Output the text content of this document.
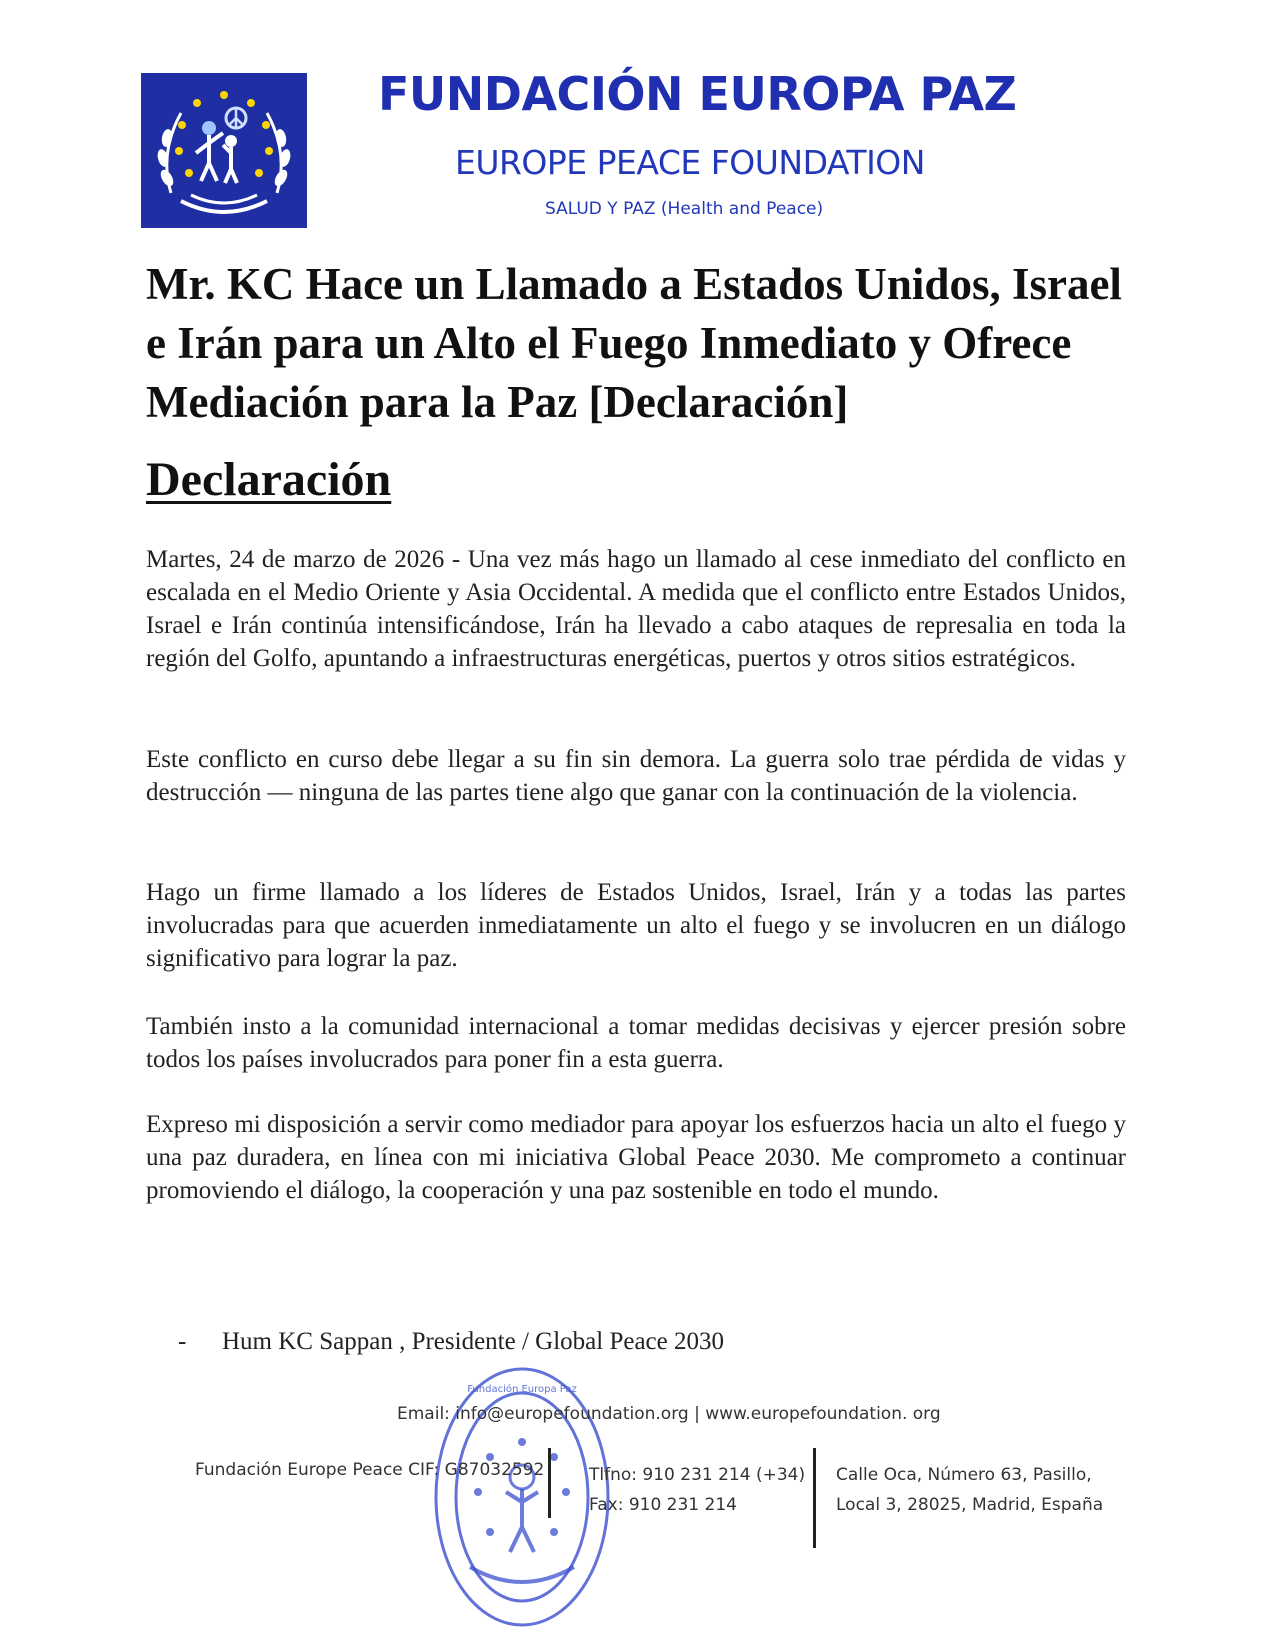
FUNDACIÓN EUROPA PAZ
EUROPE PEACE FOUNDATION
SALUD Y PAZ (Health and Peace)
Mr. KC Hace un Llamado a Estados Unidos, Israel e Irán para un Alto el Fuego Inmediato y Ofrece Mediación para la Paz [Declaración]
Declaración

Martes, 24 de marzo de 2026 - Una vez más hago un llamado al cese inmediato del conflicto en escalada en el Medio Oriente y Asia Occidental. A medida que el conflicto entre Estados Unidos, Israel e Irán continúa intensificándose, Irán ha llevado a cabo ataques de represalia en toda la región del Golfo, apuntando a infraestructuras energéticas, puertos y otros sitios estratégicos.

Este conflicto en curso debe llegar a su fin sin demora. La guerra solo trae pérdida de vidas y destrucción — ninguna de las partes tiene algo que ganar con la continuación de la violencia.

Hago un firme llamado a los líderes de Estados Unidos, Israel, Irán y a todas las partes involucradas para que acuerden inmediatamente un alto el fuego y se involucren en un diálogo significativo para lograr la paz.

También insto a la comunidad internacional a tomar medidas decisivas y ejercer presión sobre todos los países involucrados para poner fin a esta guerra.

Expreso mi disposición a servir como mediador para apoyar los esfuerzos hacia un alto el fuego y una paz duradera, en línea con mi iniciativa Global Peace 2030. Me comprometo a continuar promoviendo el diálogo, la cooperación y una paz sostenible en todo el mundo.

- Hum KC Sappan , Presidente / Global Peace 2030
Fundación Europa Paz
Email: info@europefoundation.org | www.europefoundation. org
Fundación Europe Peace CIF: G87032592	Tlfno: 910 231 214 (+34)
Fax: 910 231 214
Calle Oca, Número 63, Pasillo,
Local 3, 28025, Madrid, España
